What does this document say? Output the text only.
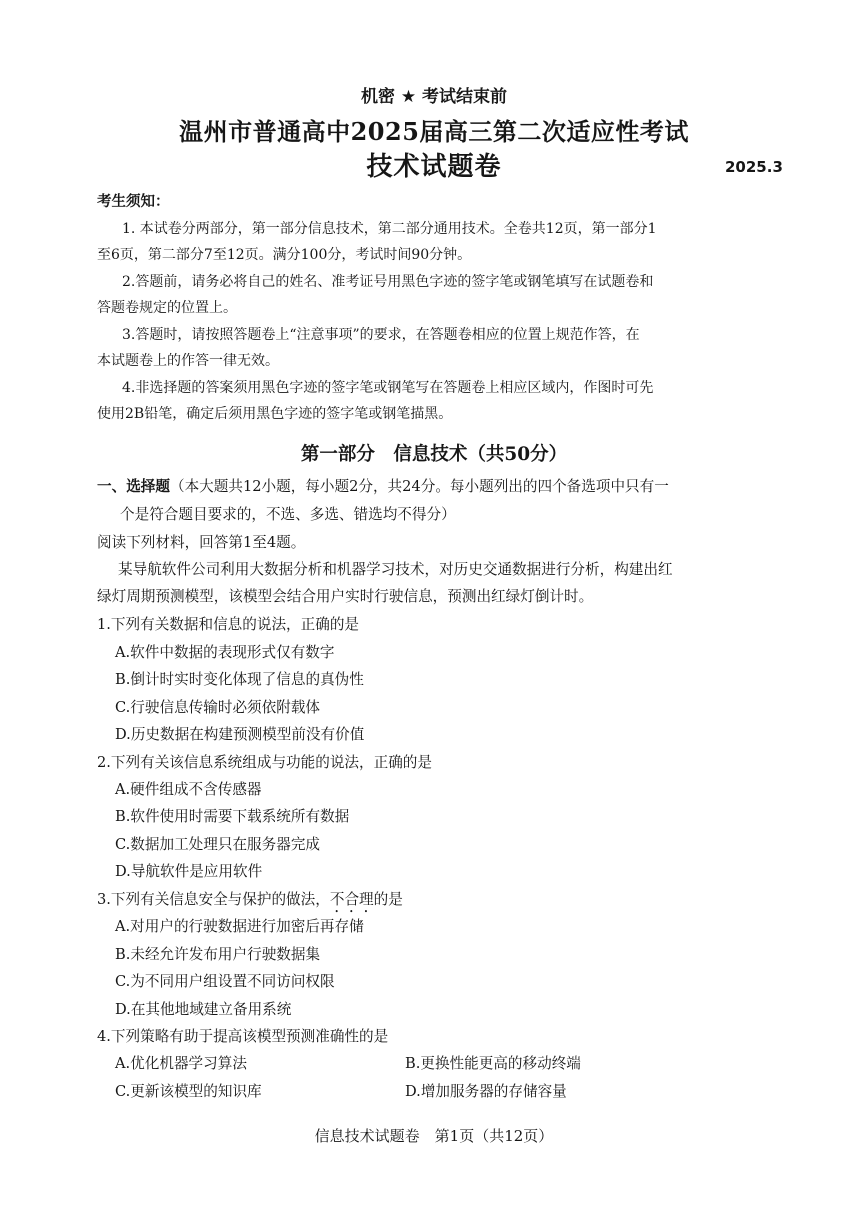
机密 ★ 考试结束前
温州市普通高中2025届高三第二次适应性考试
技术试题卷	2025.3
考生须知：
1. 本试卷分两部分，第一部分信息技术，第二部分通用技术。全卷共12页，第一部分1
至6页，第二部分7至12页。满分100分，考试时间90分钟。
2.答题前，请务必将自己的姓名、准考证号用黑色字迹的签字笔或钢笔填写在试题卷和
答题卷规定的位置上。
3.答题时，请按照答题卷上“注意事项”的要求，在答题卷相应的位置上规范作答，在
本试题卷上的作答一律无效。
4.非选择题的答案须用黑色字迹的签字笔或钢笔写在答题卷上相应区域内，作图时可先
使用2B铅笔，确定后须用黑色字迹的签字笔或钢笔描黑。
第一部分　信息技术（共50分）
一、选择题（本大题共12小题，每小题2分，共24分。每小题列出的四个备选项中只有一
个是符合题目要求的，不选、多选、错选均不得分）
阅读下列材料，回答第1至4题。
某导航软件公司利用大数据分析和机器学习技术，对历史交通数据进行分析，构建出红
绿灯周期预测模型，该模型会结合用户实时行驶信息，预测出红绿灯倒计时。
1.下列有关数据和信息的说法，正确的是
A.软件中数据的表现形式仅有数字
B.倒计时实时变化体现了信息的真伪性
C.行驶信息传输时必须依附载体
D.历史数据在构建预测模型前没有价值
2.下列有关该信息系统组成与功能的说法，正确的是
A.硬件组成不含传感器
B.软件使用时需要下载系统所有数据
C.数据加工处理只在服务器完成
D.导航软件是应用软件
3.下列有关信息安全与保护的做法，不合理的是
A.对用户的行驶数据进行加密后再存储
B.未经允许发布用户行驶数据集
C.为不同用户组设置不同访问权限
D.在其他地域建立备用系统
4.下列策略有助于提高该模型预测准确性的是
A.优化机器学习算法	B.更换性能更高的移动终端
C.更新该模型的知识库	D.增加服务器的存储容量
信息技术试题卷　第1页（共12页）
